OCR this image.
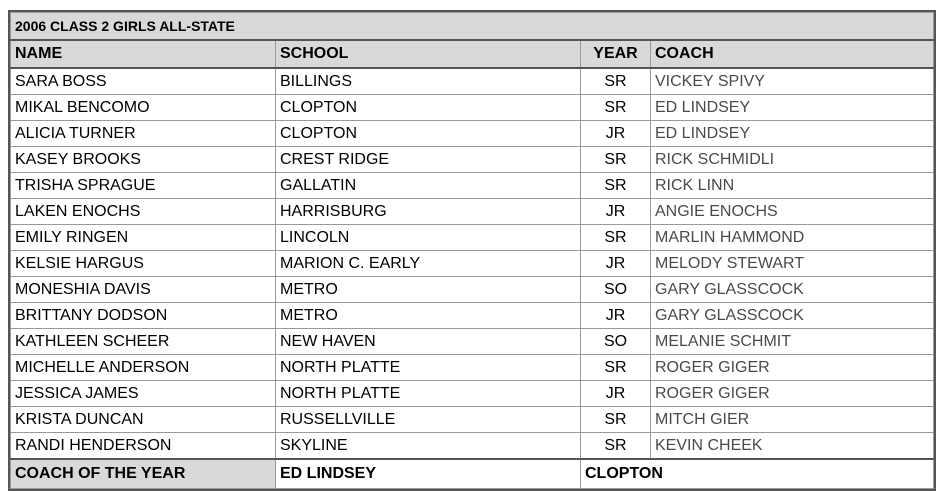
2006 CLASS 2 GIRLS ALL-STATE			
NAME	SCHOOL	YEAR	COACH
SARA BOSS	BILLINGS	SR	VICKEY SPIVY
MIKAL BENCOMO	CLOPTON	SR	ED LINDSEY
ALICIA TURNER	CLOPTON	JR	ED LINDSEY
KASEY BROOKS	CREST RIDGE	SR	RICK SCHMIDLI
TRISHA SPRAGUE	GALLATIN	SR	RICK LINN
LAKEN ENOCHS	HARRISBURG	JR	ANGIE ENOCHS
EMILY RINGEN	LINCOLN	SR	MARLIN HAMMOND
KELSIE HARGUS	MARION C. EARLY	JR	MELODY STEWART
MONESHIA DAVIS	METRO	SO	GARY GLASSCOCK
BRITTANY DODSON	METRO	JR	GARY GLASSCOCK
KATHLEEN SCHEER	NEW HAVEN	SO	MELANIE SCHMIT
MICHELLE ANDERSON	NORTH PLATTE	SR	ROGER GIGER
JESSICA JAMES	NORTH PLATTE	JR	ROGER GIGER
KRISTA DUNCAN	RUSSELLVILLE	SR	MITCH GIER
RANDI HENDERSON	SKYLINE	SR	KEVIN CHEEK
COACH OF THE YEAR	ED LINDSEY	CLOPTON	
